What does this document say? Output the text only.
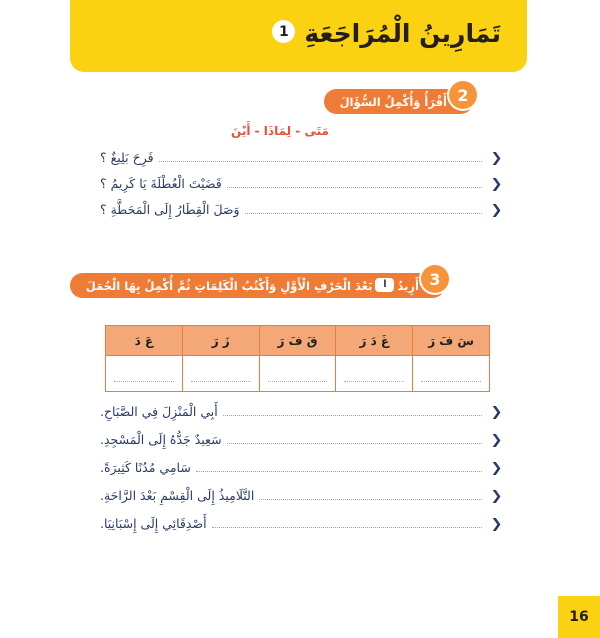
تَمَارِينُ الْمُرَاجَعَةِ1
أَقْرَأُ وَأُكْمِلُ السُّؤَالَ 2
مَتَى - لِمَاذَا - أَيْنَ
❮
فَرِحَ بَلِيغٌ ؟
❮
قَضَيْتَ الْعُطْلَةَ يَا كَرِيمُ ؟
❮
وَصَلَ الْقِطَارُ إِلَى الْمَحَطَّةِ ؟
أَزِيدُ
ا
بَعْدَ الْحَرْفِ الْأَوَّلِ وَأَكْتُبُ الْكَلِمَاتِ ثُمَّ أُكْمِلُ بِهَا الْجُمَلَ	3
سَ فَ رَ	غَ دَ رَ	قَ فَ رَ	زَ رَ	عَ دَ

❮
أَبِي الْمَنْزِلَ فِي الصَّبَاحِ.
❮
سَعِيدٌ جَدُّهُ إِلَى الْمَسْجِدِ.
❮
سَامِي مُدُنًا كَثِيرَةً.
❮
التَّلَامِيذُ إِلَى الْقِسْمِ بَعْدَ الرَّاحَةِ.
❮
أَصْدِقَائِي إِلَى إِسْبَانِيَا.
16
